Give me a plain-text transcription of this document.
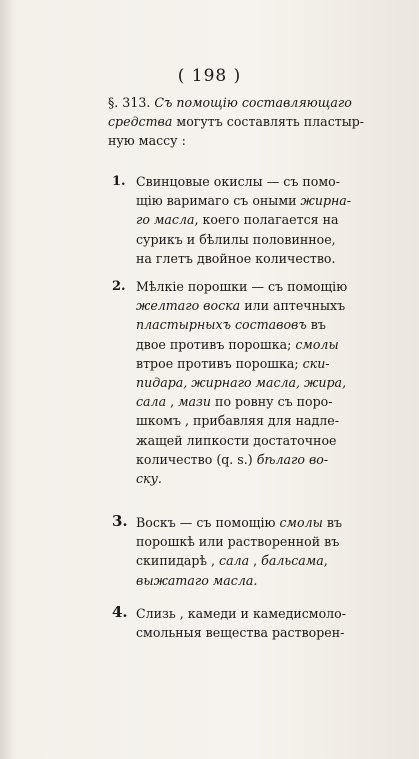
( 198 )
§. 313. Съ помощію составляющаго
средства могутъ составлять пластыр-
ную массу :
1. Свинцовые окислы — съ помо-
щію варимаго съ оными жирна-
го масла, коего полагается на
сурикъ и бѣлилы половинное,
на глетъ двойное количество.
2. Мѣлкіе порошки — съ помощію
желтаго воска или аптечныхъ
пластырныхъ составовъ въ
двое противъ порошка; смолы
втрое противъ порошка; ски-
пидара, жирнаго масла, жира,
сала , мази по ровну съ поро-
шкомъ , прибавляя для надле-
жащей липкости достаточное
количество (q. s.) бѣлаго во-
ску.
3. Воскъ — съ помощію смолы въ
порошкѣ или растворенной въ
скипидарѣ , сала , бальсама,
выжатаго масла.
4. Слизь , камеди и камедисмоло-
смольныя вещества растворен-
